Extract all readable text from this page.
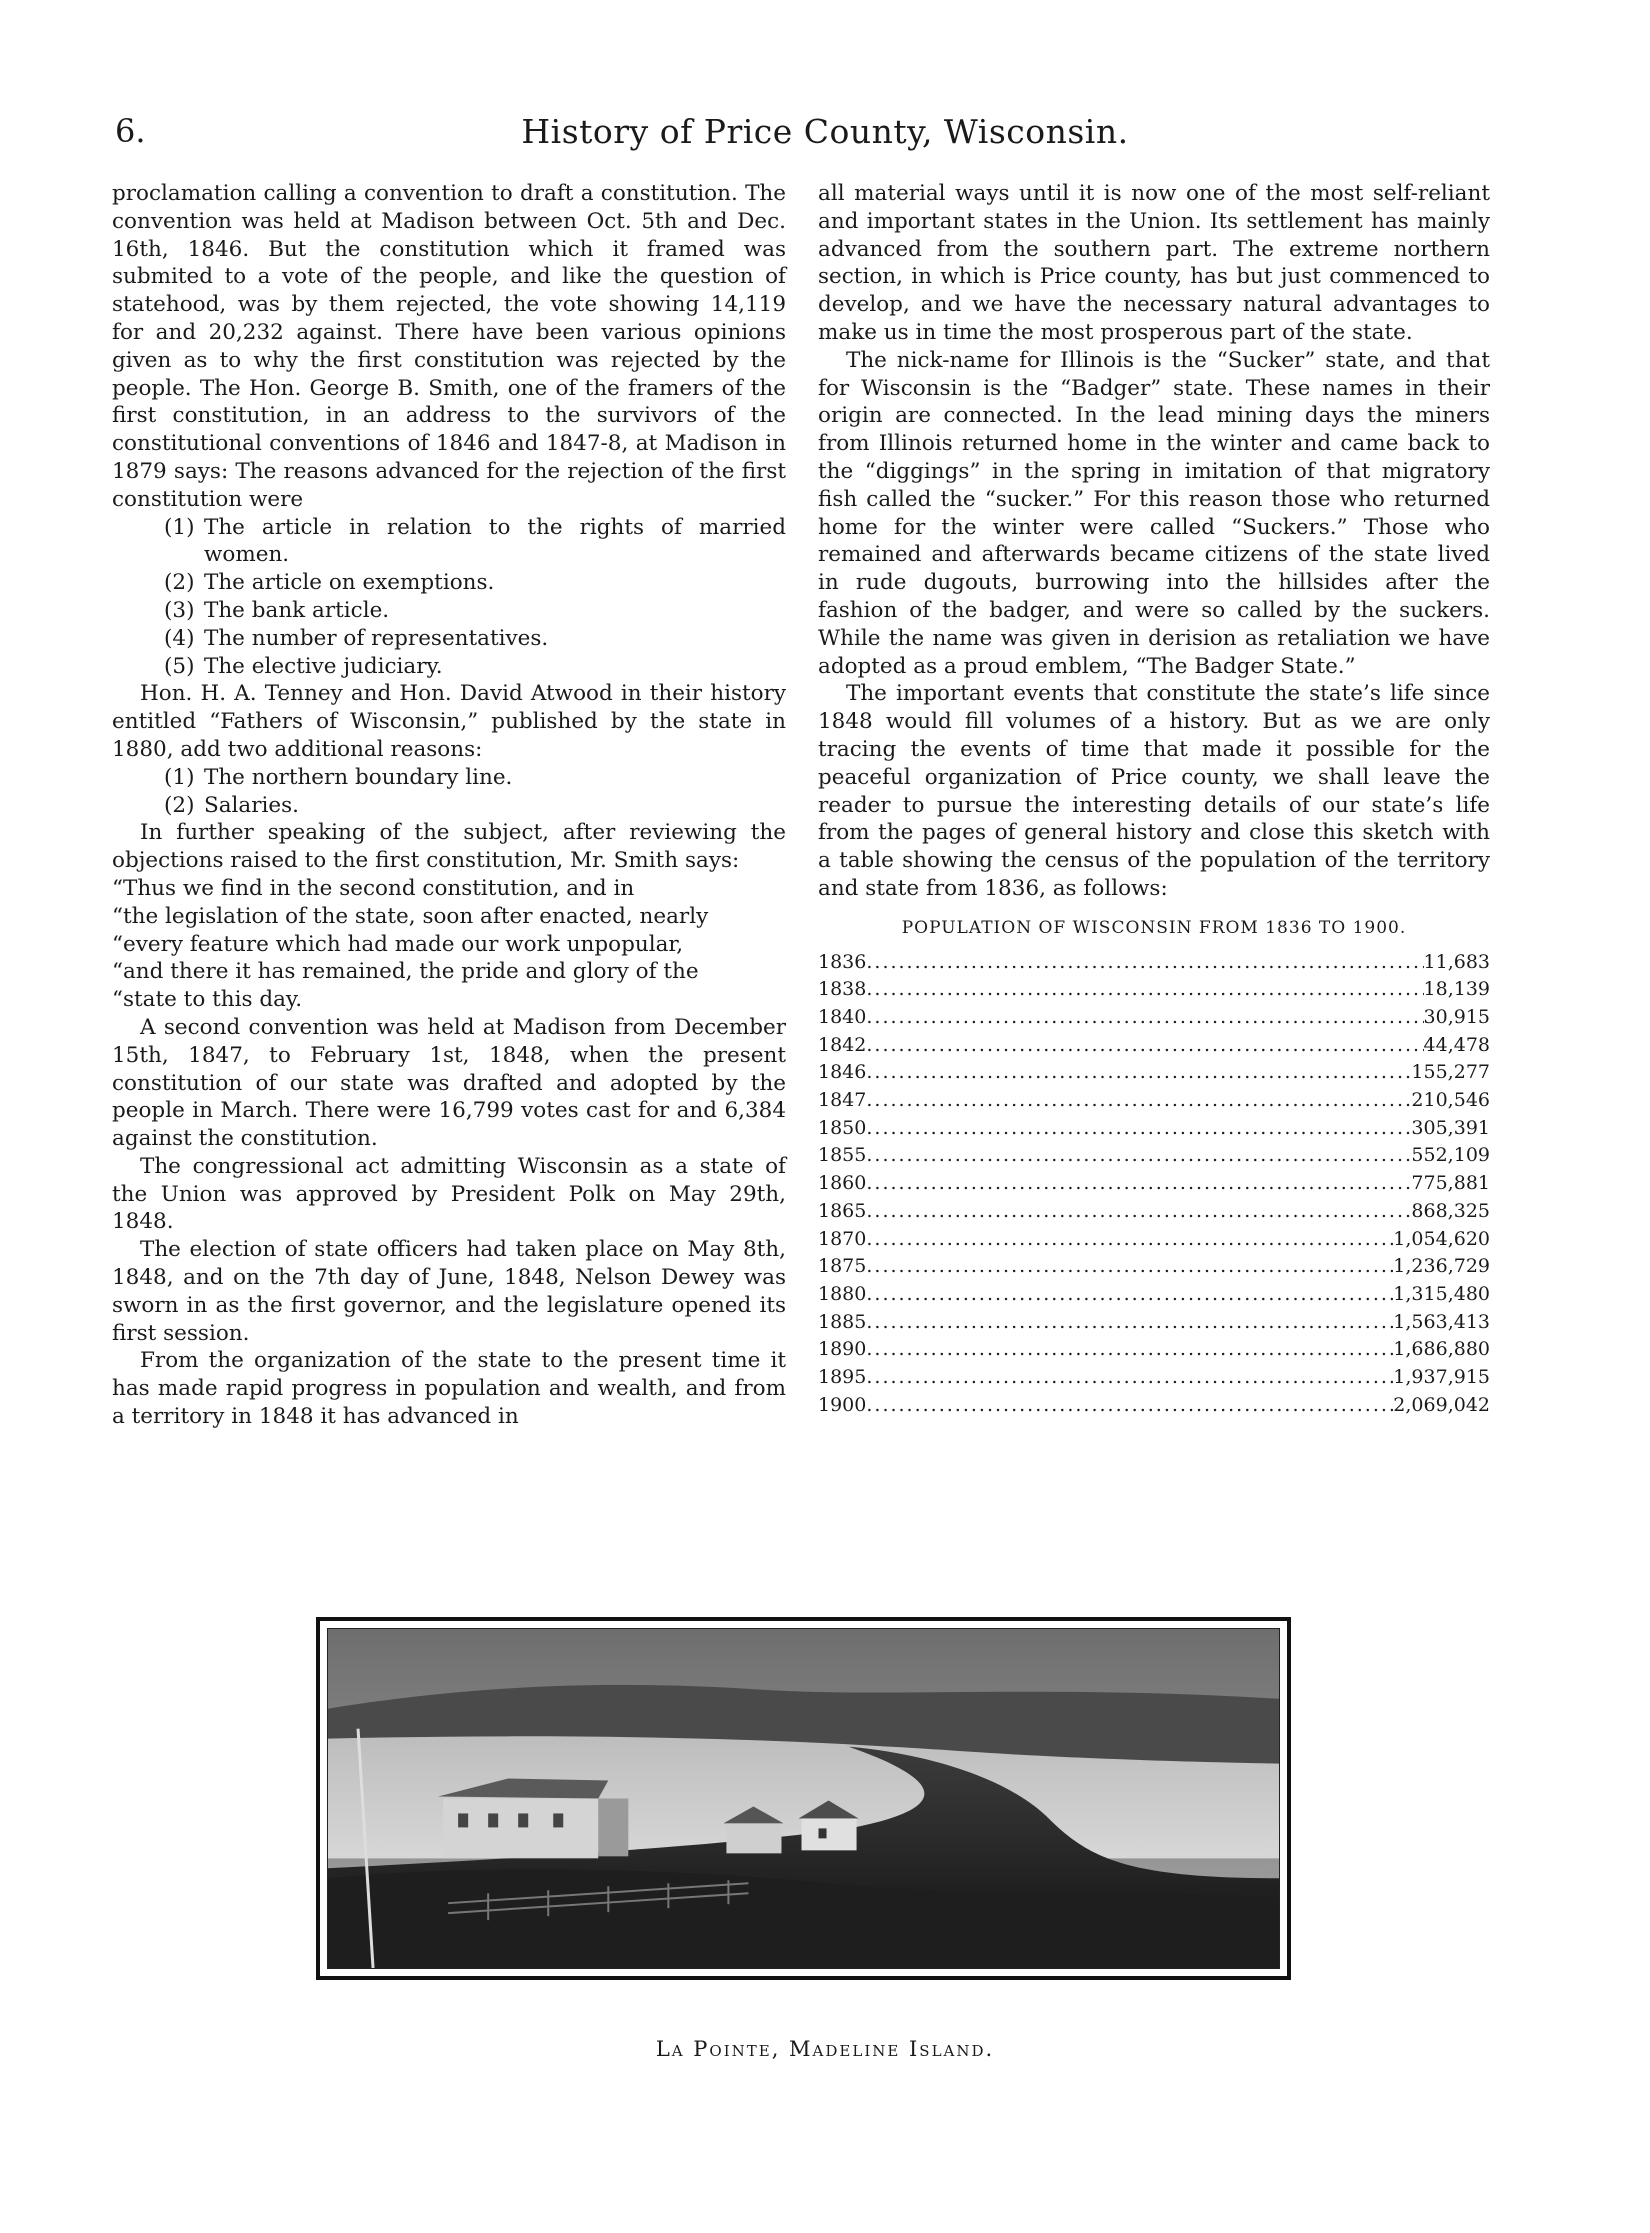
6.	History of Price County, Wisconsin.

proclamation calling a convention to draft a constitution. The convention was held at Madison between Oct. 5th and Dec. 16th, 1846. But the constitution which it framed was submited to a vote of the people, and like the question of statehood, was by them rejected, the vote showing 14,119 for and 20,232 against. There have been various opinions given as to why the first constitution was rejected by the people. The Hon. George B. Smith, one of the framers of the first constitution, in an address to the survivors of the constitutional conventions of 1846 and 1847-8, at Madison in 1879 says: The reasons advanced for the rejection of the first constitution were

(1) The article in relation to the rights of married women.

(2) The article on exemptions.

(3) The bank article.

(4) The number of representatives.

(5) The elective judiciary.

Hon. H. A. Tenney and Hon. David Atwood in their history entitled “Fathers of Wisconsin,” published by the state in 1880, add two additional reasons:

(1) The northern boundary line.

(2) Salaries.

In further speaking of the subject, after reviewing the objections raised to the first constitution, Mr. Smith says:

“Thus we find in the second constitution, and in

“the legislation of the state, soon after enacted, nearly

“every feature which had made our work unpopular,

“and there it has remained, the pride and glory of the

“state to this day.

A second convention was held at Madison from December 15th, 1847, to February 1st, 1848, when the present constitution of our state was drafted and adopted by the people in March. There were 16,799 votes cast for and 6,384 against the constitution.

The congressional act admitting Wisconsin as a state of the Union was approved by President Polk on May 29th, 1848.

The election of state officers had taken place on May 8th, 1848, and on the 7th day of June, 1848, Nelson Dewey was sworn in as the first governor, and the legislature opened its first session.

From the organization of the state to the present time it has made rapid progress in population and wealth, and from a territory in 1848 it has advanced in

all material ways until it is now one of the most self-reliant and important states in the Union. Its settlement has mainly advanced from the southern part. The extreme northern section, in which is Price county, has but just commenced to develop, and we have the necessary natural advantages to make us in time the most prosperous part of the state.

The nick-name for Illinois is the “Sucker” state, and that for Wisconsin is the “Badger” state. These names in their origin are connected. In the lead mining days the miners from Illinois returned home in the winter and came back to the “diggings” in the spring in imitation of that migratory fish called the “sucker.” For this reason those who returned home for the winter were called “Suckers.” Those who remained and afterwards became citizens of the state lived in rude dugouts, burrowing into the hillsides after the fashion of the badger, and were so called by the suckers. While the name was given in derision as retaliation we have adopted as a proud emblem, “The Badger State.”

The important events that constitute the state’s life since 1848 would fill volumes of a history. But as we are only tracing the events of time that made it possible for the peaceful organization of Price county, we shall leave the reader to pursue the interesting details of our state’s life from the pages of general history and close this sketch with a table showing the census of the population of the territory and state from 1836, as follows:

POPULATION OF WISCONSIN FROM 1836 TO 1900.
1836 .....	11,683
1838 .....	18,139
1840 .....	30,915
1842 .....	44,478
1846 .....	155,277
1847 .....	210,546
1850 .....	305,391
1855 .....	552,109
1860 .....	775,881
1865 .....	868,325
1870 .....	1,054,620
1875 .....	1,236,729
1880 .....	1,315,480
1885 .....	1,563,413
1890 .....	1,686,880
1895 .....	1,937,915
1900 .....	2,069,042
La Pointe, Madeline Island.
